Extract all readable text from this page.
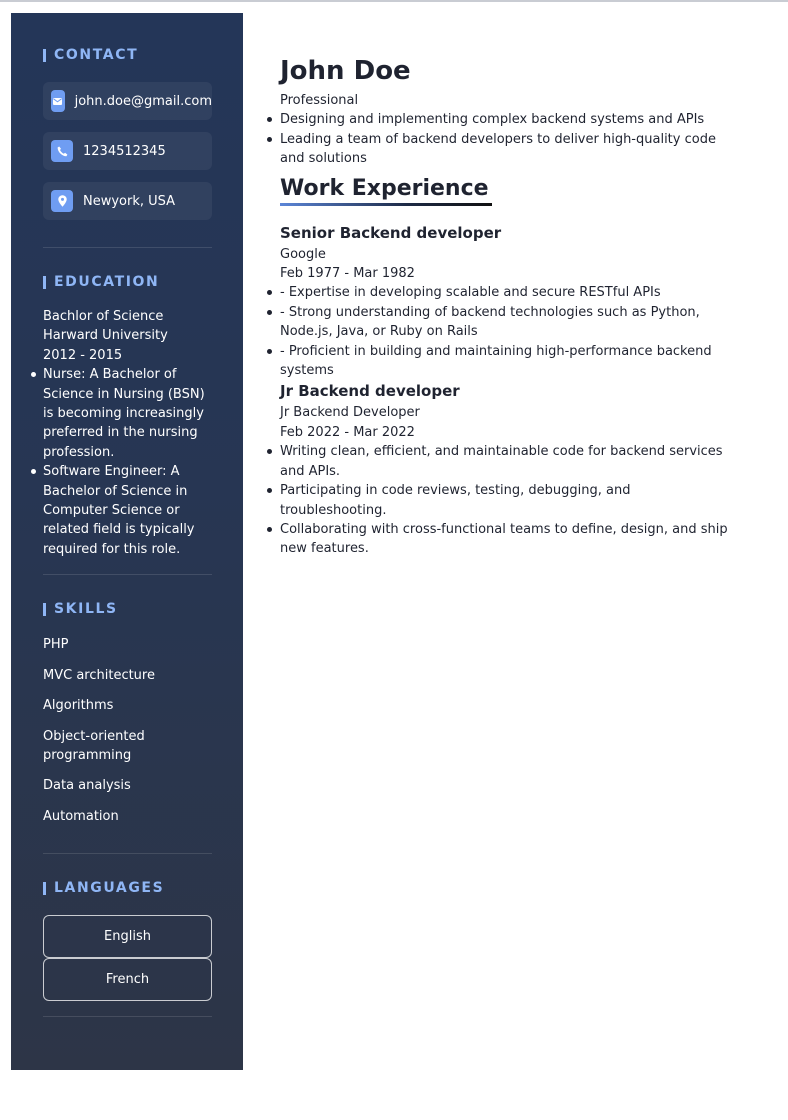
CONTACT
john.doe@gmail.com
1234512345
Newyork, USA
EDUCATION
Bachlor of Science
Harward University
2012 - 2015
Nurse: A Bachelor of Science in Nursing (BSN) is becoming increasingly preferred in the nursing profession.
Software Engineer: A Bachelor of Science in Computer Science or related field is typically required for this role.
SKILLS
PHP
MVC architecture
Algorithms
Object-oriented programming
Data analysis
Automation
LANGUAGES
English
French
John Doe
Professional
Designing and implementing complex backend systems and APIs
Leading a team of backend developers to deliver high-quality code and solutions
Work Experience
Senior Backend developer
Google
Feb 1977 - Mar 1982
- Expertise in developing scalable and secure RESTful APIs
- Strong understanding of backend technologies such as Python, Node.js, Java, or Ruby on Rails
- Proficient in building and maintaining high-performance backend systems
Jr Backend developer
Jr Backend Developer
Feb 2022 - Mar 2022
Writing clean, efficient, and maintainable code for backend services and APIs.
Participating in code reviews, testing, debugging, and troubleshooting.
Collaborating with cross-functional teams to define, design, and ship new features.
